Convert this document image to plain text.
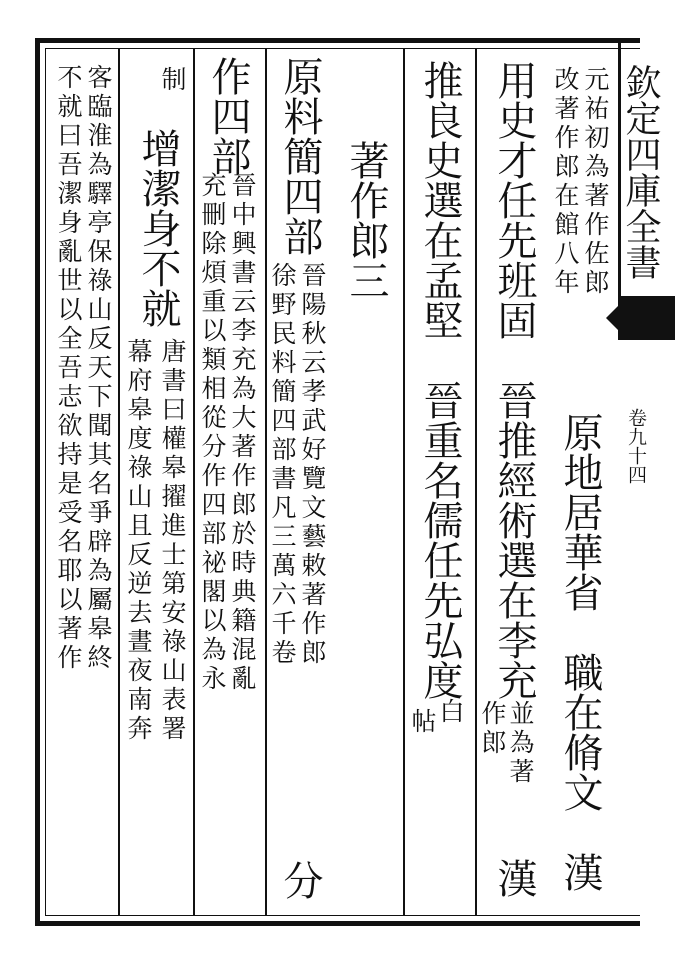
欽定四庫全書
卷九十四
元祐初為著作佐郎
改著作郎在館八年
原地居華省　職在脩文　漢
用史才任先班固　晉推經術選在李充
並為著
作郎
漢
推良史選在孟堅　晉重名儒任先弘度
白
帖
著作郎三
原料簡四部
晉陽秋云孝武好覽文藝敕著作郎
徐野民料簡四部書凡三萬六千卷
分
作四部
晉中興書云李充為大著作郎於時典籍混亂
充刪除煩重以類相從分作四部祕閣以為永
制
增潔身不就
唐書曰權皋擢進士第安祿山表署
幕府皋度祿山且反逆去晝夜南奔
客臨淮為驛亭保祿山反天下聞其名爭辟為屬皋終
不就曰吾潔身亂世以全吾志欲持是受名耶以著作
